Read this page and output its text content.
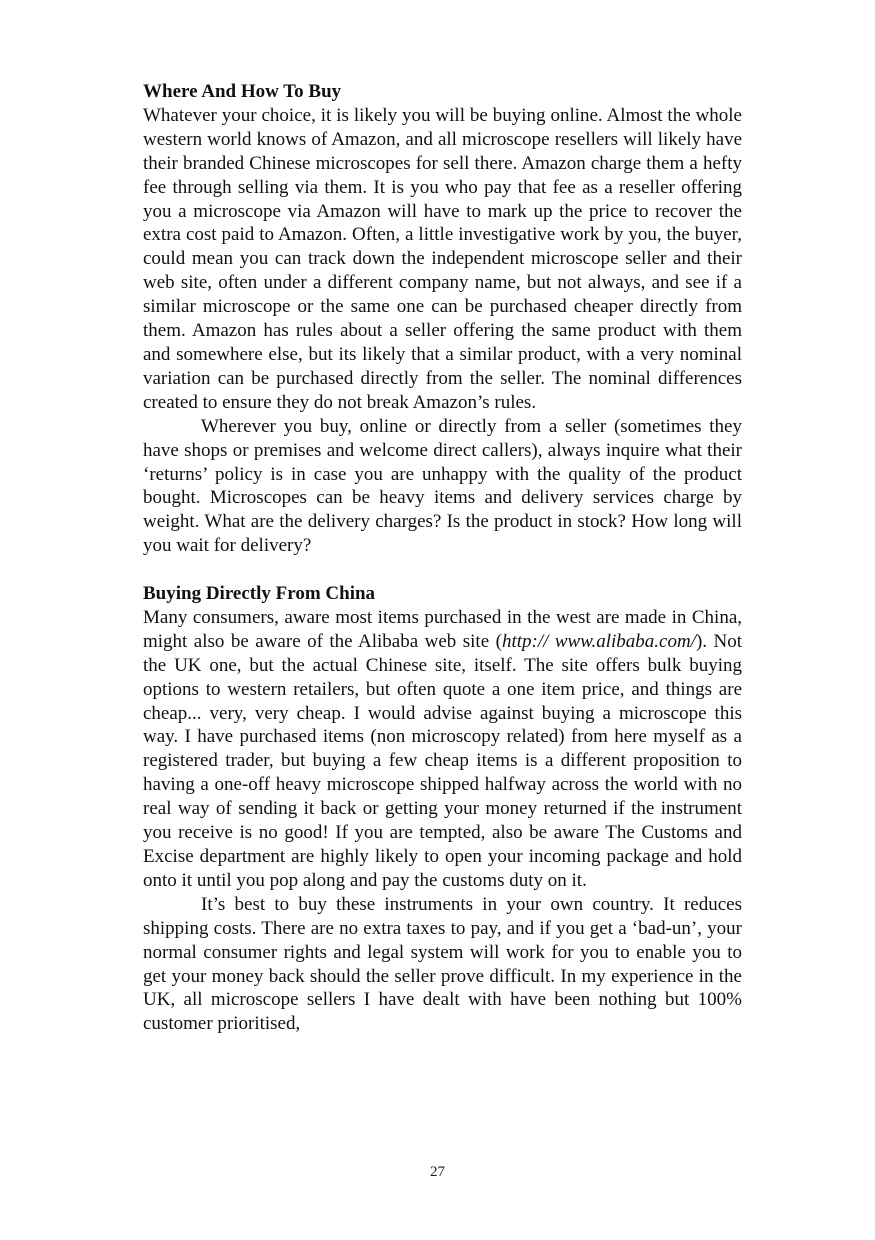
Where And How To Buy

Whatever your choice, it is likely you will be buying online. Almost the whole western world knows of Amazon, and all microscope resellers will likely have their branded Chinese microscopes for sell there. Amazon charge them a hefty fee through selling via them. It is you who pay that fee as a reseller offering you a microscope via Amazon will have to mark up the price to recover the extra cost paid to Amazon. Often, a little investigative work by you, the buyer, could mean you can track down the independent microscope seller and their web site, often under a different company name, but not always, and see if a similar microscope or the same one can be purchased cheaper directly from them. Amazon has rules about a seller offering the same product with them and somewhere else, but its likely that a similar product, with a very nominal variation can be purchased directly from the seller. The nominal differences created to ensure they do not break Amazon’s rules.

Wherever you buy, online or directly from a seller (sometimes they have shops or premises and welcome direct callers), always inquire what their ‘returns’ policy is in case you are unhappy with the quality of the product bought. Microscopes can be heavy items and delivery services charge by weight. What are the delivery charges? Is the product in stock? How long will you wait for delivery?

Buying Directly From China

Many consumers, aware most items purchased in the west are made in China, might also be aware of the Alibaba web site (http:// www.alibaba.com/). Not the UK one, but the actual Chinese site, itself. The site offers bulk buying options to western retailers, but often quote a one item price, and things are cheap... very, very cheap. I would advise against buying a microscope this way. I have purchased items (non microscopy related) from here myself as a registered trader, but buying a few cheap items is a different proposition to having a one-off heavy microscope shipped halfway across the world with no real way of sending it back or getting your money returned if the instrument you receive is no good! If you are tempted, also be aware The Customs and Excise department are highly likely to open your incoming package and hold onto it until you pop along and pay the customs duty on it.

It’s best to buy these instruments in your own country. It reduces shipping costs. There are no extra taxes to pay, and if you get a ‘bad-un’, your normal consumer rights and legal system will work for you to enable you to get your money back should the seller prove difficult. In my experience in the UK, all microscope sellers I have dealt with have been nothing but 100% customer prioritised,

27
